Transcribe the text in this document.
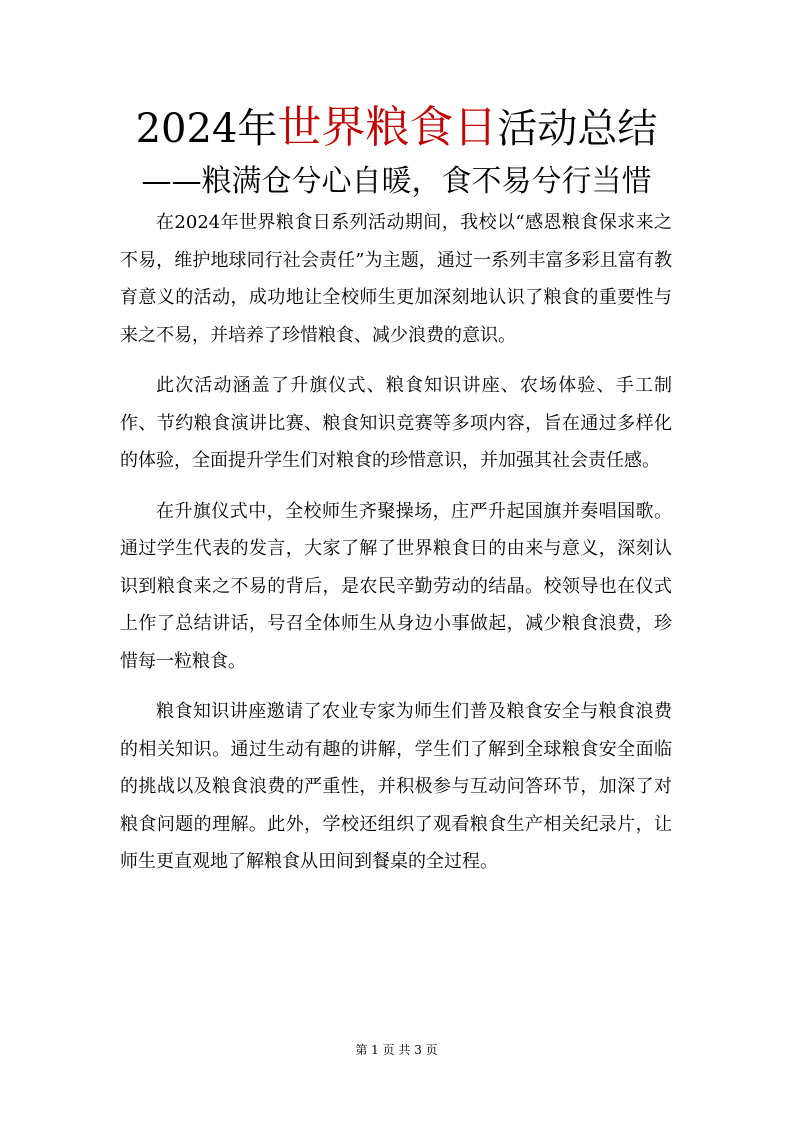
2024年世界粮食日活动总结
——粮满仓兮心自暖，食不易兮行当惜

在2024年世界粮食日系列活动期间，我校以“感恩粮食保求来之不易，维护地球同行社会责任”为主题，通过一系列丰富多彩且富有教育意义的活动，成功地让全校师生更加深刻地认识了粮食的重要性与来之不易，并培养了珍惜粮食、减少浪费的意识。

此次活动涵盖了升旗仪式、粮食知识讲座、农场体验、手工制作、节约粮食演讲比赛、粮食知识竞赛等多项内容，旨在通过多样化的体验，全面提升学生们对粮食的珍惜意识，并加强其社会责任感。

在升旗仪式中，全校师生齐聚操场，庄严升起国旗并奏唱国歌。通过学生代表的发言，大家了解了世界粮食日的由来与意义，深刻认识到粮食来之不易的背后，是农民辛勤劳动的结晶。校领导也在仪式上作了总结讲话，号召全体师生从身边小事做起，减少粮食浪费，珍惜每一粒粮食。

粮食知识讲座邀请了农业专家为师生们普及粮食安全与粮食浪费的相关知识。通过生动有趣的讲解，学生们了解到全球粮食安全面临的挑战以及粮食浪费的严重性，并积极参与互动问答环节，加深了对粮食问题的理解。此外，学校还组织了观看粮食生产相关纪录片，让师生更直观地了解粮食从田间到餐桌的全过程。

第 1 页 共 3 页
